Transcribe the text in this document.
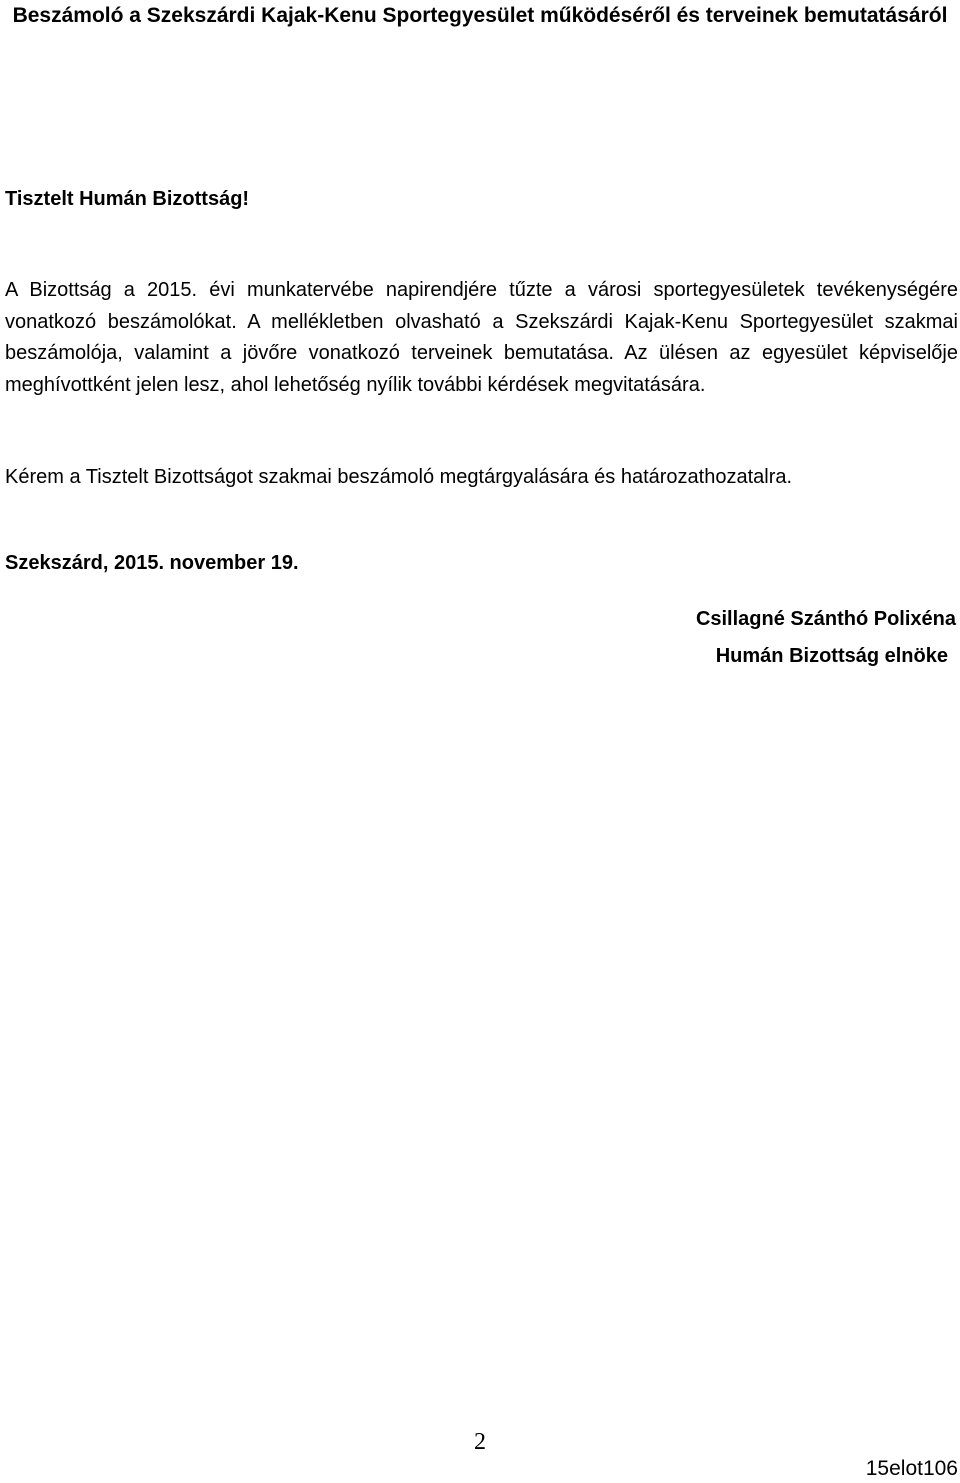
Beszámoló a Szekszárdi Kajak-Kenu Sportegyesület működéséről és terveinek bemutatásáról
Tisztelt Humán Bizottság!
A Bizottság a 2015. évi munkatervébe napirendjére tűzte a városi sportegyesületek tevékenységére vonatkozó beszámolókat. A mellékletben olvasható a Szekszárdi Kajak-Kenu Sportegyesület szakmai beszámolója, valamint a jövőre vonatkozó terveinek bemutatása. Az ülésen az egyesület képviselője meghívottként jelen lesz, ahol lehetőség nyílik további kérdések megvitatására.
Kérem a Tisztelt Bizottságot szakmai beszámoló megtárgyalására és határozathozatalra.
Szekszárd, 2015. november 19.
Csillagné Szánthó Polixéna
Humán Bizottság elnöke
2
15elot106
